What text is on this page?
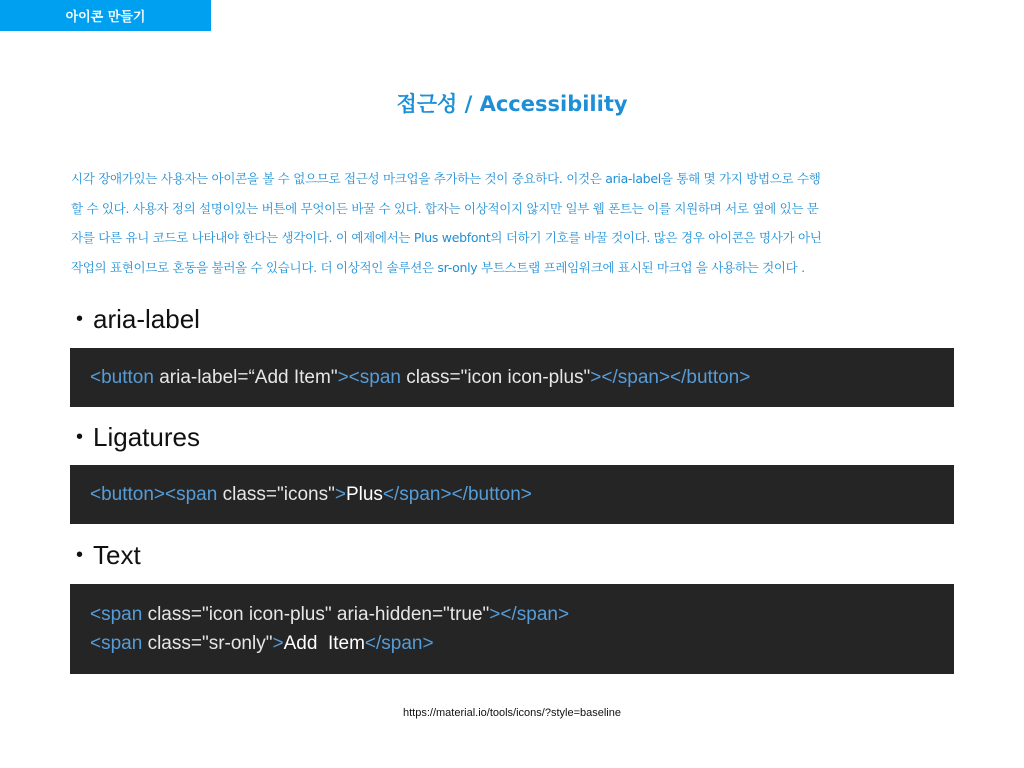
아이콘 만들기
접근성 / Accessibility
시각 장애가있는 사용자는 아이콘을 볼 수 없으므로 접근성 마크업을 추가하는 것이 중요하다. 이것은 aria-label을 통해 몇 가지 방법으로 수행
할 수 있다. 사용자 정의 설명이있는 버튼에 무엇이든 바꿀 수 있다. 합자는 이상적이지 않지만 일부 웹 폰트는 이를 지원하며 서로 옆에 있는 문
자를 다른 유니 코드로 나타내야 한다는 생각이다. 이 예제에서는 Plus webfont의 더하기 기호를 바꿀 것이다. 많은 경우 아이콘은 명사가 아닌
작업의 표현이므로 혼동을 불러올 수 있습니다. 더 이상적인 솔루션은 sr-only 부트스트랩 프레임워크에 표시된 마크업 을 사용하는 것이다 .
• aria-label
<button aria-label=“Add Item"><span class="icon icon-plus"></span></button>
• Ligatures
<button><span class="icons">Plus</span></button>
• Text
<span class="icon icon-plus" aria-hidden="true"></span>
<span class="sr-only">Add  Item</span>
https://material.io/tools/icons/?style=baseline
